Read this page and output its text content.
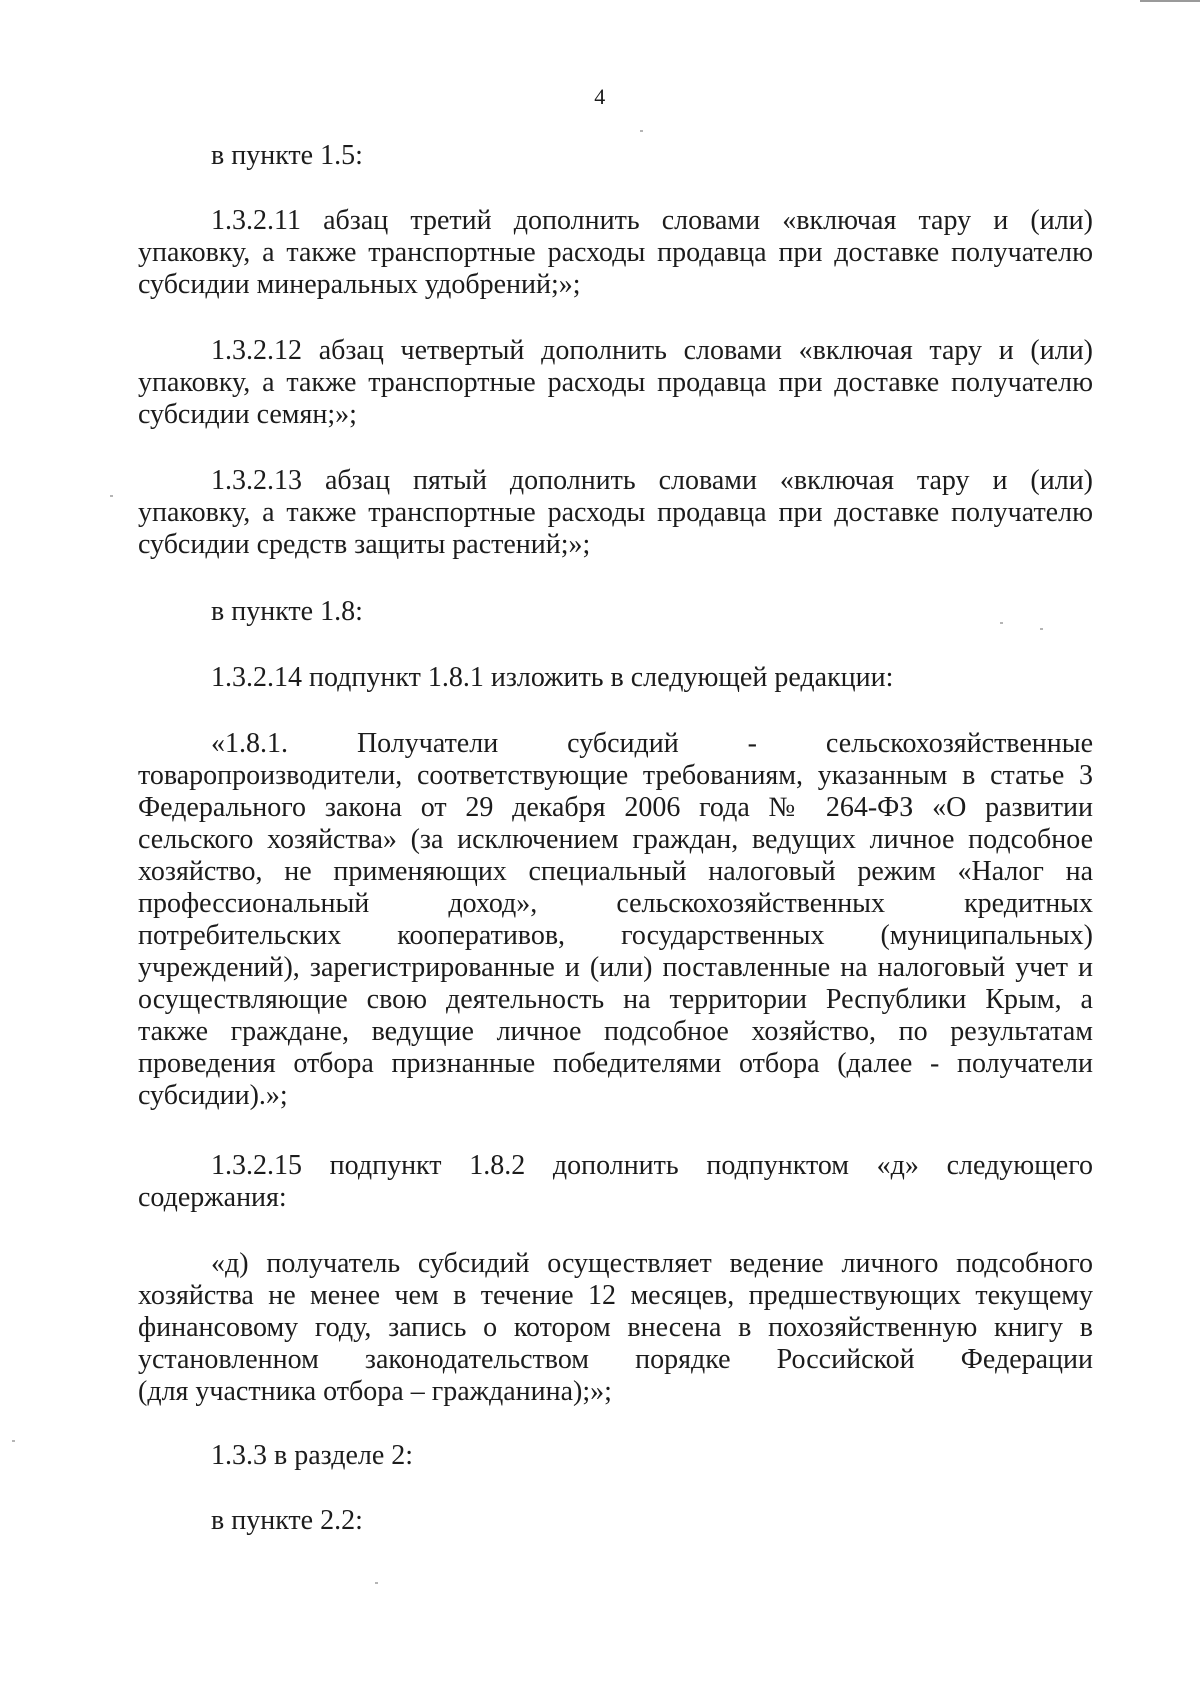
4
в пункте 1.5:
1.3.2.11 абзац третий дополнить словами «включая тару и (или)
упаковку, а также транспортные расходы продавца при доставке получателю
субсидии минеральных удобрений;»;
1.3.2.12 абзац четвертый дополнить словами «включая тару и (или)
упаковку, а также транспортные расходы продавца при доставке получателю
субсидии семян;»;
1.3.2.13 абзац пятый дополнить словами «включая тару и (или)
упаковку, а также транспортные расходы продавца при доставке получателю
субсидии средств защиты растений;»;
в пункте 1.8:
1.3.2.14 подпункт 1.8.1 изложить в следующей редакции:
«1.8.1. Получатели субсидий - сельскохозяйственные
товаропроизводители, соответствующие требованиям, указанным в статье 3
Федерального закона от 29 декабря 2006 года № 264-ФЗ «О развитии
сельского хозяйства» (за исключением граждан, ведущих личное подсобное
хозяйство, не применяющих специальный налоговый режим «Налог на
профессиональный доход», сельскохозяйственных кредитных
потребительских кооперативов, государственных (муниципальных)
учреждений), зарегистрированные и (или) поставленные на налоговый учет и
осуществляющие свою деятельность на территории Республики Крым, а
также граждане, ведущие личное подсобное хозяйство, по результатам
проведения отбора признанные победителями отбора (далее - получатели
субсидии).»;
1.3.2.15 подпункт 1.8.2 дополнить подпунктом «д» следующего
содержания:
«д) получатель субсидий осуществляет ведение личного подсобного
хозяйства не менее чем в течение 12 месяцев, предшествующих текущему
финансовому году, запись о котором внесена в похозяйственную книгу в
установленном законодательством порядке Российской Федерации
(для участника отбора – гражданина);»;
1.3.3 в разделе 2:
в пункте 2.2:
